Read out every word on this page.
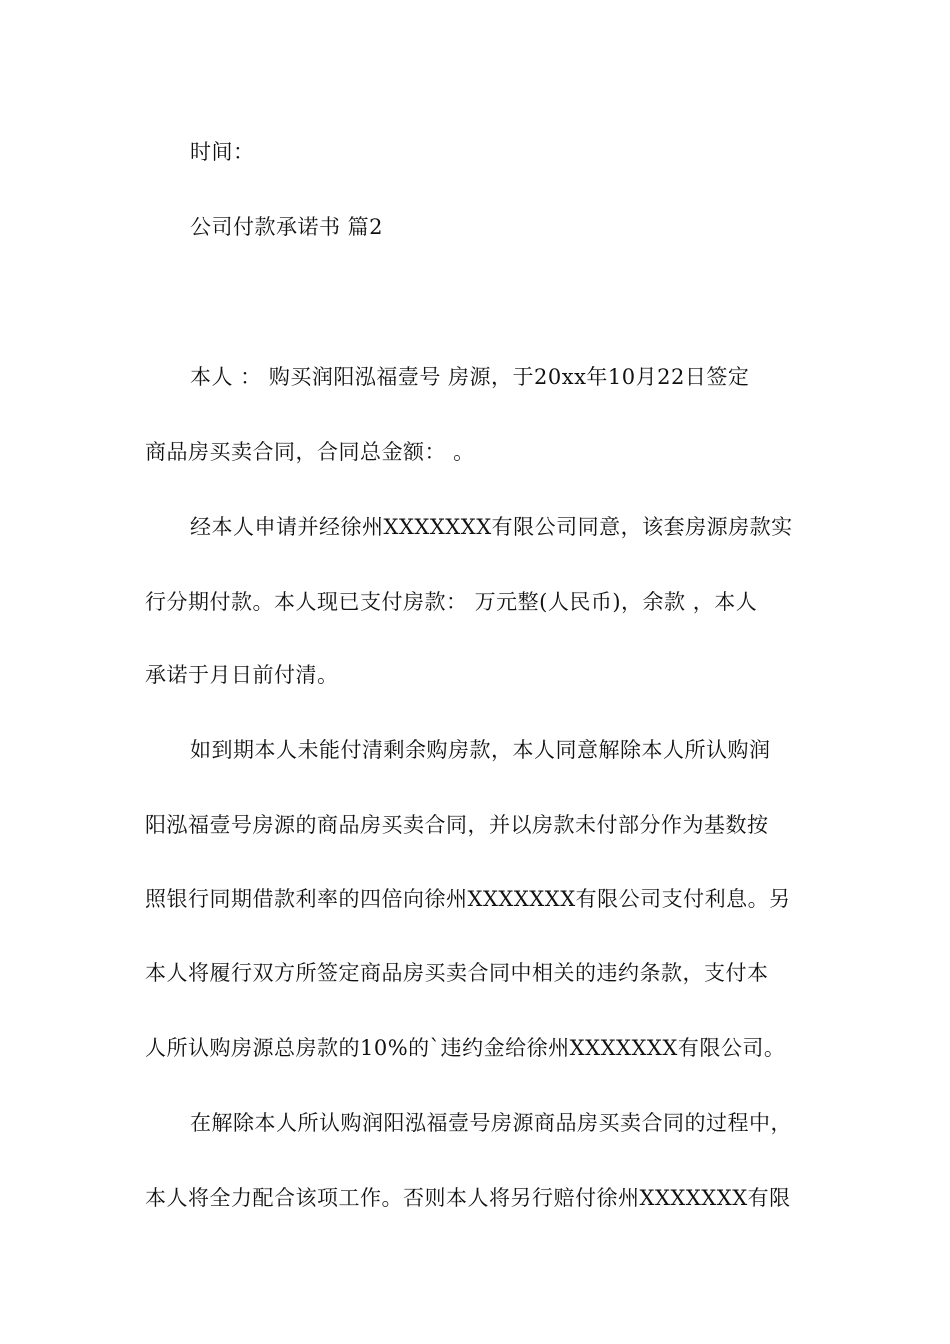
时间：
公司付款承诺书 篇2
本人 ： 购买润阳泓福壹号 房源，于20xx年10月22日签定
商品房买卖合同，合同总金额： 。
经本人申请并经徐州XXXXXXX有限公司同意，该套房源房款实
行分期付款。本人现已支付房款： 万元整(人民币)，余款 ，本人
承诺于月日前付清。
如到期本人未能付清剩余购房款，本人同意解除本人所认购润
阳泓福壹号房源的商品房买卖合同，并以房款未付部分作为基数按
照银行同期借款利率的四倍向徐州XXXXXXX有限公司支付利息。另
本人将履行双方所签定商品房买卖合同中相关的违约条款，支付本
人所认购房源总房款的10%的`违约金给徐州XXXXXXX有限公司。
在解除本人所认购润阳泓福壹号房源商品房买卖合同的过程中，
本人将全力配合该项工作。否则本人将另行赔付徐州XXXXXXX有限
